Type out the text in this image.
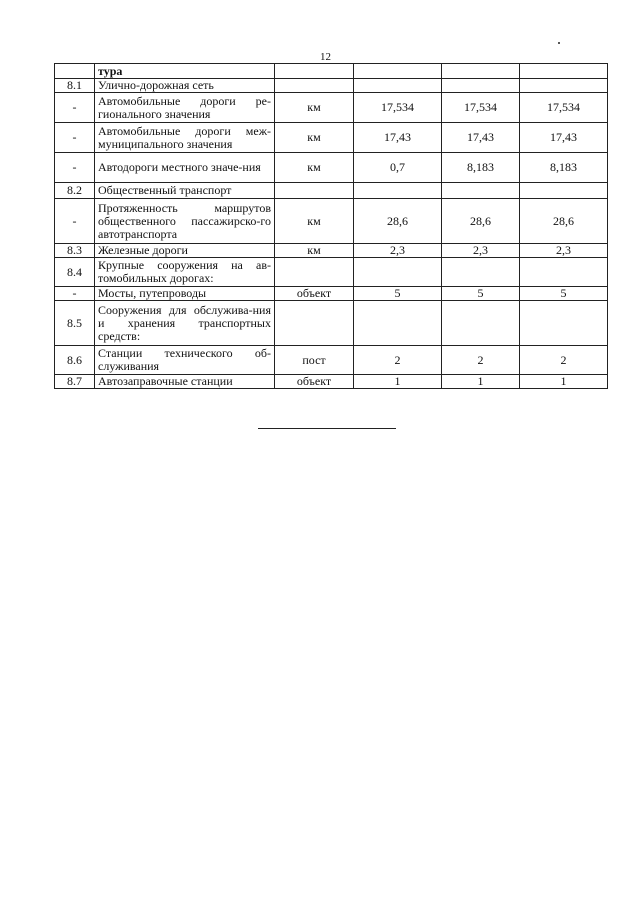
12
	тура				
8.1	Улично-дорожная сеть				
-	Автомобильные дороги ре-гионального значения	км	17,534	17,534	17,534
-	Автомобильные дороги меж-муниципального значения	км	17,43	17,43	17,43
-	Автодороги местного значе-ния	км	0,7	8,183	8,183
8.2	Общественный транспорт				
-	Протяженность маршрутов общественного пассажирско-го автотранспорта	км	28,6	28,6	28,6
8.3	Железные дороги	км	2,3	2,3	2,3
8.4	Крупные сооружения на ав-томобильных дорогах:				
-	Мосты, путепроводы	объект	5	5	5
8.5	Сооружения для обслужива-ния и хранения транспортных средств:				
8.6	Станции технического об-служивания	пост	2	2	2
8.7	Автозаправочные станции	объект	1	1	1
